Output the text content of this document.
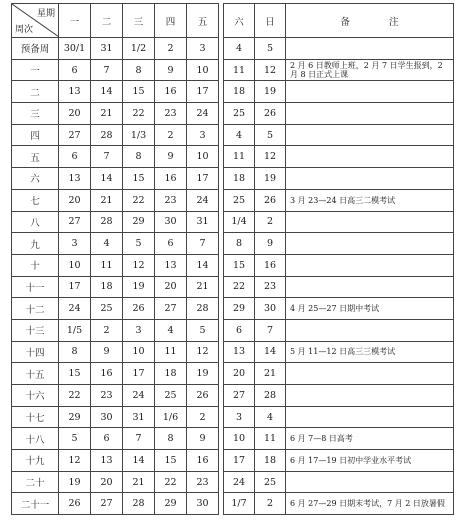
星期
周次	一	二	三	四	五		六	日	备 注
预备周	30/1	31	1/2	2	3		4	5	
一	6	7	8	9	10		11	12	2 月 6 日教师上班，2 月 7 日学生报到，2 月 8 日正式上课
二	13	14	15	16	17		18	19	
三	20	21	22	23	24		25	26	
四	27	28	1/3	2	3		4	5	
五	6	7	8	9	10		11	12	
六	13	14	15	16	17		18	19	
七	20	21	22	23	24		25	26	3 月 23—24 日高三二模考试
八	27	28	29	30	31		1/4	2	
九	3	4	5	6	7		8	9	
十	10	11	12	13	14		15	16	
十一	17	18	19	20	21		22	23	
十二	24	25	26	27	28		29	30	4 月 25—27 日期中考试
十三	1/5	2	3	4	5		6	7	
十四	8	9	10	11	12		13	14	5 月 11—12 日高三三模考试
十五	15	16	17	18	19		20	21	
十六	22	23	24	25	26		27	28	
十七	29	30	31	1/6	2		3	4	
十八	5	6	7	8	9		10	11	6 月 7—8 日高考
十九	12	13	14	15	16		17	18	6 月 17—19 日初中学业水平考试
二十	19	20	21	22	23		24	25	
二十一	26	27	28	29	30		1/7	2	6 月 27—29 日期末考试，7 月 2 日放暑假
